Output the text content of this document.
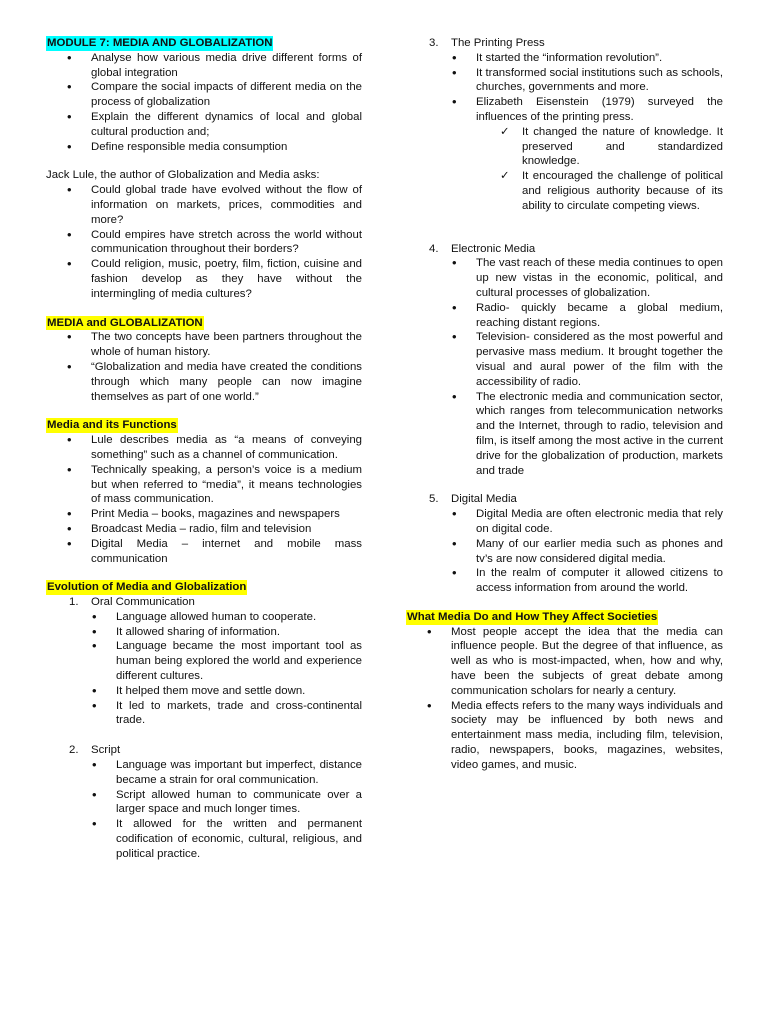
MODULE 7: MEDIA AND GLOBALIZATION
• Analyse how various media drive different forms of global integration
• Compare the social impacts of different media on the process of globalization
• Explain the different dynamics of local and global cultural production and;
• Define responsible media consumption

Jack Lule, the author of Globalization and Media asks:

• Could global trade have evolved without the flow of information on markets, prices, commodities and more?
• Could empires have stretch across the world without communication throughout their borders?
• Could religion, music, poetry, film, fiction, cuisine and fashion develop as they have without the intermingling of media cultures?
MEDIA and GLOBALIZATION
• The two concepts have been partners throughout the whole of human history.
• “Globalization and media have created the conditions through which many people can now imagine themselves as part of one world.”
Media and its Functions
• Lule describes media as “a means of conveying something” such as a channel of communication.
• Technically speaking, a person’s voice is a medium but when referred to “media”, it means technologies of mass communication.
• Print Media – books, magazines and newspapers
• Broadcast Media – radio, film and television
• Digital Media – internet and mobile mass communication
Evolution of Media and Globalization
1. Oral Communication
• Language allowed human to cooperate.
• It allowed sharing of information.
• Language became the most important tool as human being explored the world and experience different cultures.
• It helped them move and settle down.
• It led to markets, trade and cross-continental trade.
2. Script
• Language was important but imperfect, distance became a strain for oral communication.
• Script allowed human to communicate over a larger space and much longer times.
• It allowed for the written and permanent codification of economic, cultural, religious, and political practice.
3. The Printing Press
• It started the “information revolution”.
• It transformed social institutions such as schools, churches, governments and more.
• Elizabeth Eisenstein (1979) surveyed the influences of the printing press.
✓ It changed the nature of knowledge. It preserved and standardized knowledge.
✓ It encouraged the challenge of political and religious authority because of its ability to circulate competing views.
4. Electronic Media
• The vast reach of these media continues to open up new vistas in the economic, political, and cultural processes of globalization.
• Radio- quickly became a global medium, reaching distant regions.
• Television- considered as the most powerful and pervasive mass medium. It brought together the visual and aural power of the film with the accessibility of radio.
• The electronic media and communication sector, which ranges from telecommunication networks and the Internet, through to radio, television and film, is itself among the most active in the current drive for the globalization of production, markets and trade
5. Digital Media
• Digital Media are often electronic media that rely on digital code.
• Many of our earlier media such as phones and tv’s are now considered digital media.
• In the realm of computer it allowed citizens to access information from around the world.
What Media Do and How They Affect Societies
• Most people accept the idea that the media can influence people. But the degree of that influence, as well as who is most-impacted, when, how and why, have been the subjects of great debate among communication scholars for nearly a century.
• Media effects refers to the many ways individuals and society may be influenced by both news and entertainment mass media, including film, television, radio, newspapers, books, magazines, websites, video games, and music.
